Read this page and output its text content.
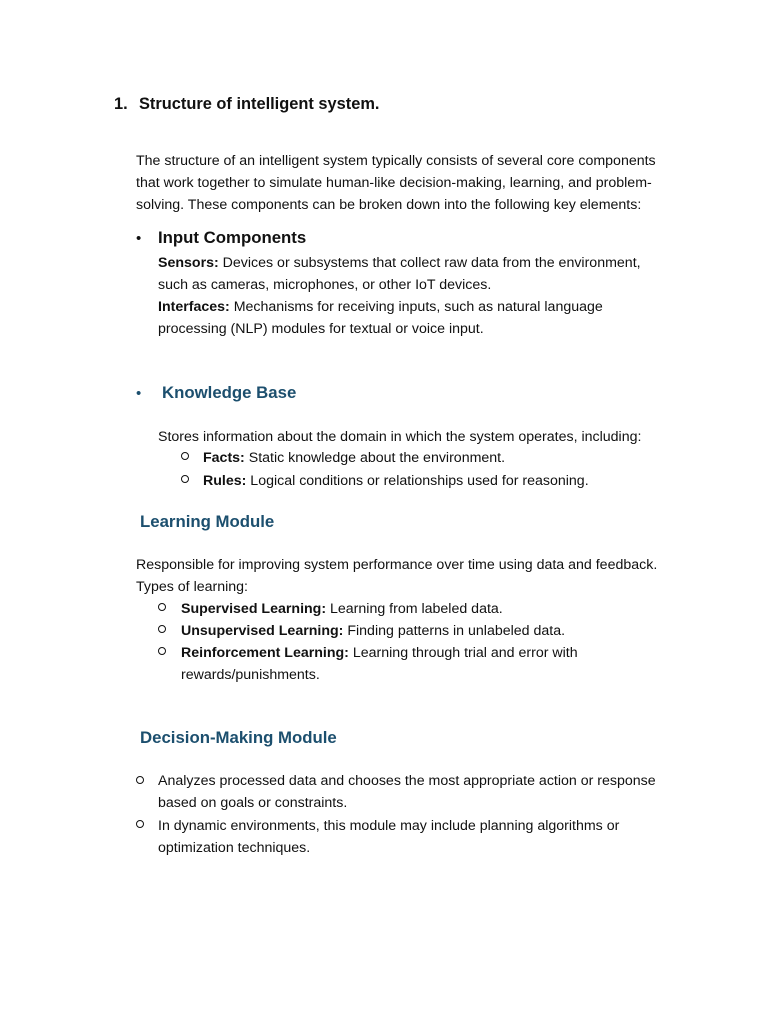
1. Structure of intelligent system.
The structure of an intelligent system typically consists of several core components
that work together to simulate human-like decision-making, learning, and problem-
solving. These components can be broken down into the following key elements:
• Input Components
Sensors: Devices or subsystems that collect raw data from the environment,
such as cameras, microphones, or other IoT devices.
Interfaces: Mechanisms for receiving inputs, such as natural language
processing (NLP) modules for textual or voice input.
• Knowledge Base
Stores information about the domain in which the system operates, including:
Facts: Static knowledge about the environment.
Rules: Logical conditions or relationships used for reasoning.
Learning Module
Responsible for improving system performance over time using data and feedback.
Types of learning:
Supervised Learning: Learning from labeled data.
Unsupervised Learning: Finding patterns in unlabeled data.
Reinforcement Learning: Learning through trial and error with
rewards/punishments.
Decision-Making Module
Analyzes processed data and chooses the most appropriate action or response
based on goals or constraints.
In dynamic environments, this module may include planning algorithms or
optimization techniques.
